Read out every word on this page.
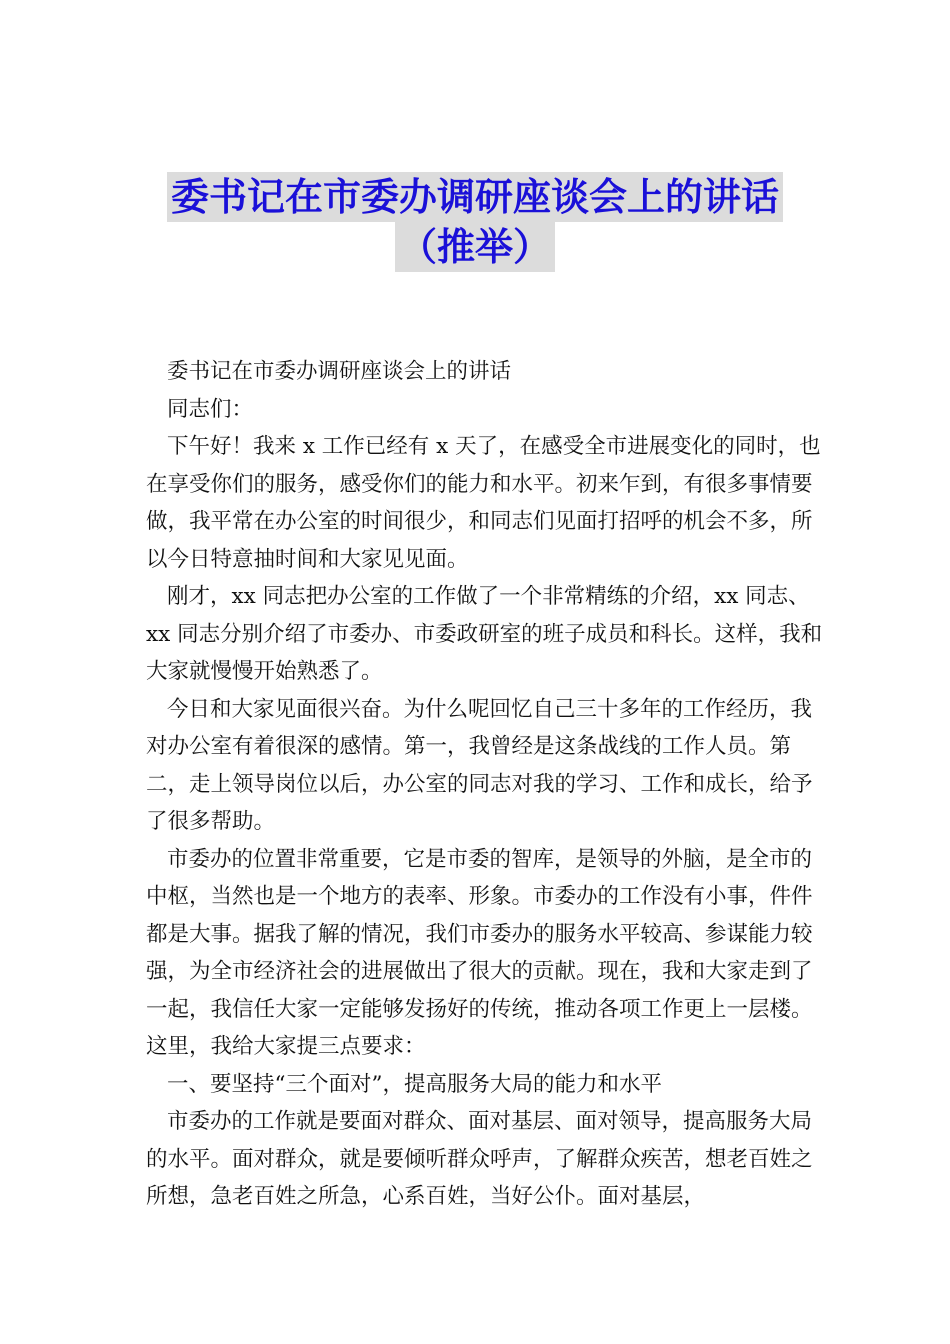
委书记在市委办调研座谈会上的讲话
（推举）

委书记在市委办调研座谈会上的讲话

同志们：

下午好！我来 x 工作已经有 x 天了，在感受全市进展变化的同时，也在享受你们的服务，感受你们的能力和水平。初来乍到，有很多事情要做，我平常在办公室的时间很少，和同志们见面打招呼的机会不多，所以今日特意抽时间和大家见见面。

刚才，xx 同志把办公室的工作做了一个非常精练的介绍，xx 同志、xx 同志分别介绍了市委办、市委政研室的班子成员和科长。这样，我和大家就慢慢开始熟悉了。

今日和大家见面很兴奋。为什么呢回忆自己三十多年的工作经历，我对办公室有着很深的感情。第一，我曾经是这条战线的工作人员。第二，走上领导岗位以后，办公室的同志对我的学习、工作和成长，给予了很多帮助。

市委办的位置非常重要，它是市委的智库，是领导的外脑，是全市的中枢，当然也是一个地方的表率、形象。市委办的工作没有小事，件件都是大事。据我了解的情况，我们市委办的服务水平较高、参谋能力较强，为全市经济社会的进展做出了很大的贡献。现在，我和大家走到了一起，我信任大家一定能够发扬好的传统，推动各项工作更上一层楼。这里，我给大家提三点要求：

一、要坚持“三个面对”，提高服务大局的能力和水平

市委办的工作就是要面对群众、面对基层、面对领导，提高服务大局的水平。面对群众，就是要倾听群众呼声，了解群众疾苦，想老百姓之所想，急老百姓之所急，心系百姓，当好公仆。面对基层，
